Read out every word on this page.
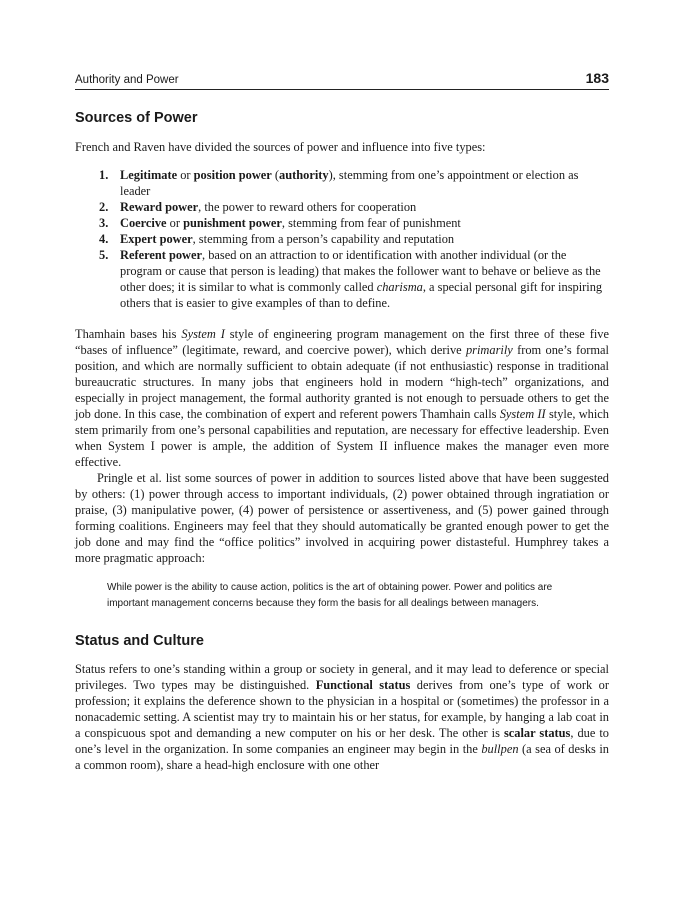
Authority and Power	183
Sources of Power

French and Raven have divided the sources of power and influence into five types:

1. Legitimate or position power (authority), stemming from one’s appointment or election as leader
2. Reward power, the power to reward others for cooperation
3. Coercive or punishment power, stemming from fear of punishment
4. Expert power, stemming from a person’s capability and reputation
5. Referent power, based on an attraction to or identification with another individual (or the program or cause that person is leading) that makes the follower want to behave or believe as the other does; it is similar to what is commonly called charisma, a special personal gift for inspiring others that is easier to give examples of than to define.

Thamhain bases his System I style of engineering program management on the first three of these five “bases of influence” (legitimate, reward, and coercive power), which derive primarily from one’s formal position, and which are normally sufficient to obtain adequate (if not enthusiastic) response in traditional bureaucratic structures. In many jobs that engineers hold in modern “high-tech” organizations, and especially in project management, the formal authority granted is not enough to persuade others to get the job done. In this case, the combination of expert and referent powers Thamhain calls System II style, which stem primarily from one’s personal capabilities and reputation, are necessary for effective leadership. Even when System I power is ample, the addition of System II influence makes the manager even more effective.

Pringle et al. list some sources of power in addition to sources listed above that have been suggested by others: (1) power through access to important individuals, (2) power obtained through ingratiation or praise, (3) manipulative power, (4) power of persistence or assertiveness, and (5) power gained through forming coalitions. Engineers may feel that they should automatically be granted enough power to get the job done and may find the “office politics” involved in acquiring power distasteful. Humphrey takes a more pragmatic approach:

While power is the ability to cause action, politics is the art of obtaining power. Power and politics are important management concerns because they form the basis for all dealings between managers.
Status and Culture

Status refers to one’s standing within a group or society in general, and it may lead to deference or special privileges. Two types may be distinguished. Functional status derives from one’s type of work or profession; it explains the deference shown to the physician in a hospital or (sometimes) the professor in a nonacademic setting. A scientist may try to maintain his or her status, for example, by hanging a lab coat in a conspicuous spot and demanding a new computer on his or her desk. The other is scalar status, due to one’s level in the organization. In some companies an engineer may begin in the bullpen (a sea of desks in a common room), share a head-high enclosure with one other
